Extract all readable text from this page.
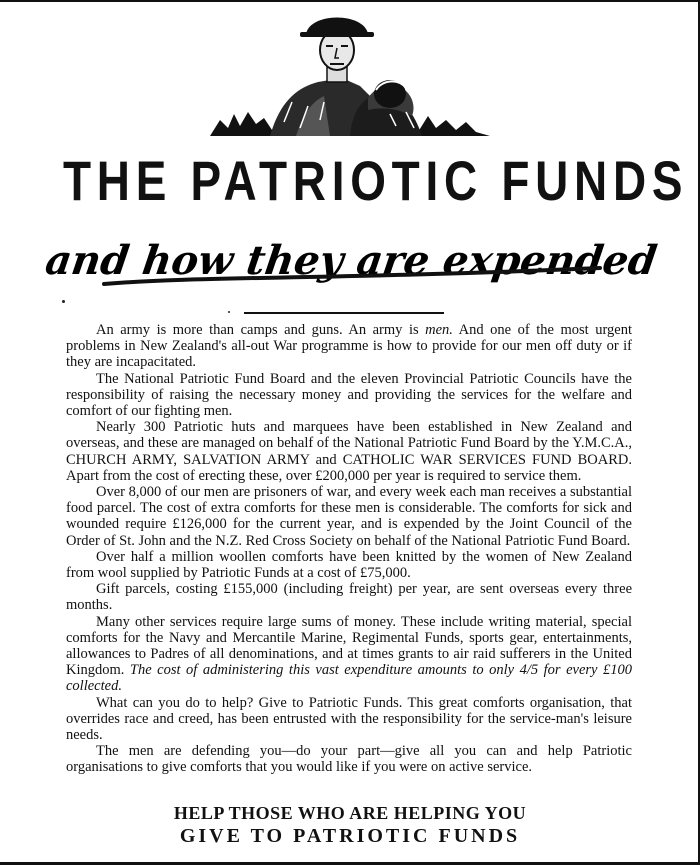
THE PATRIOTIC FUNDS
and how they are expended

An army is more than camps and guns. An army is men. And one of the most urgent problems in New Zealand's all-out War programme is how to provide for our men off duty or if they are incapacitated.

The National Patriotic Fund Board and the eleven Provincial Patriotic Councils have the responsibility of raising the necessary money and providing the services for the welfare and comfort of our fighting men.

Nearly 300 Patriotic huts and marquees have been established in New Zealand and overseas, and these are managed on behalf of the National Patriotic Fund Board by the Y.M.C.A., CHURCH ARMY, SALVATION ARMY and CATHOLIC WAR SERVICES FUND BOARD. Apart from the cost of erecting these, over £200,000 per year is required to service them.

Over 8,000 of our men are prisoners of war, and every week each man receives a substantial food parcel. The cost of extra comforts for these men is considerable. The comforts for sick and wounded require £126,000 for the current year, and is expended by the Joint Council of the Order of St. John and the N.Z. Red Cross Society on behalf of the National Patriotic Fund Board.

Over half a million woollen comforts have been knitted by the women of New Zealand from wool supplied by Patriotic Funds at a cost of £75,000.

Gift parcels, costing £155,000 (including freight) per year, are sent overseas every three months.

Many other services require large sums of money. These include writing material, special comforts for the Navy and Mercantile Marine, Regimental Funds, sports gear, entertainments, allowances to Padres of all denominations, and at times grants to air raid sufferers in the United Kingdom. The cost of administering this vast expenditure amounts to only 4/5 for every £100 collected.

What can you do to help? Give to Patriotic Funds. This great comforts organisation, that overrides race and creed, has been entrusted with the responsibility for the service-man's leisure needs.

The men are defending you—do your part—give all you can and help Patriotic organisations to give comforts that you would like if you were on active service.

HELP THOSE WHO ARE HELPING YOU
GIVE TO PATRIOTIC FUNDS
